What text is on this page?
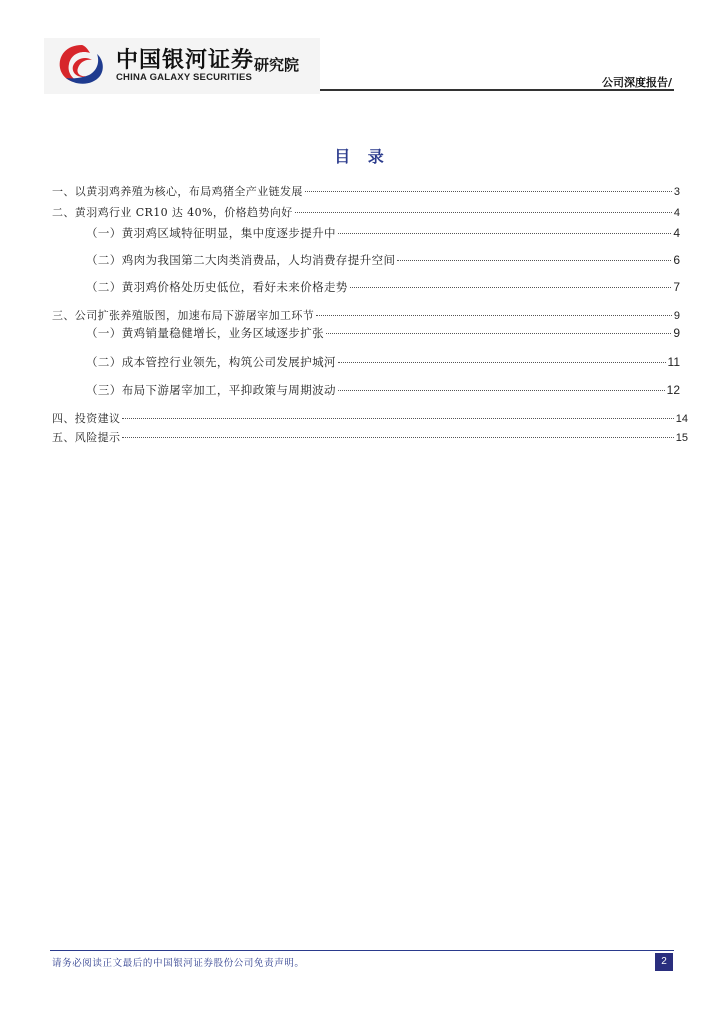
中国银河证券
CHINA GALAXY SECURITIES
研究院
公司深度报告/
目 录
一、以黄羽鸡养殖为核心，布局鸡猪全产业链发展	3
二、黄羽鸡行业 CR10 达 40%，价格趋势向好	4
（一）黄羽鸡区域特征明显，集中度逐步提升中	4
（二）鸡肉为我国第二大肉类消费品，人均消费存提升空间	6
（二）黄羽鸡价格处历史低位，看好未来价格走势	7
三、公司扩张养殖版图，加速布局下游屠宰加工环节	9
（一）黄鸡销量稳健增长，业务区域逐步扩张	9
（二）成本管控行业领先，构筑公司发展护城河	11
（三）布局下游屠宰加工，平抑政策与周期波动	12
四、投资建议	14
五、风险提示	15
请务必阅读正文最后的中国银河证券股份公司免责声明。	2
